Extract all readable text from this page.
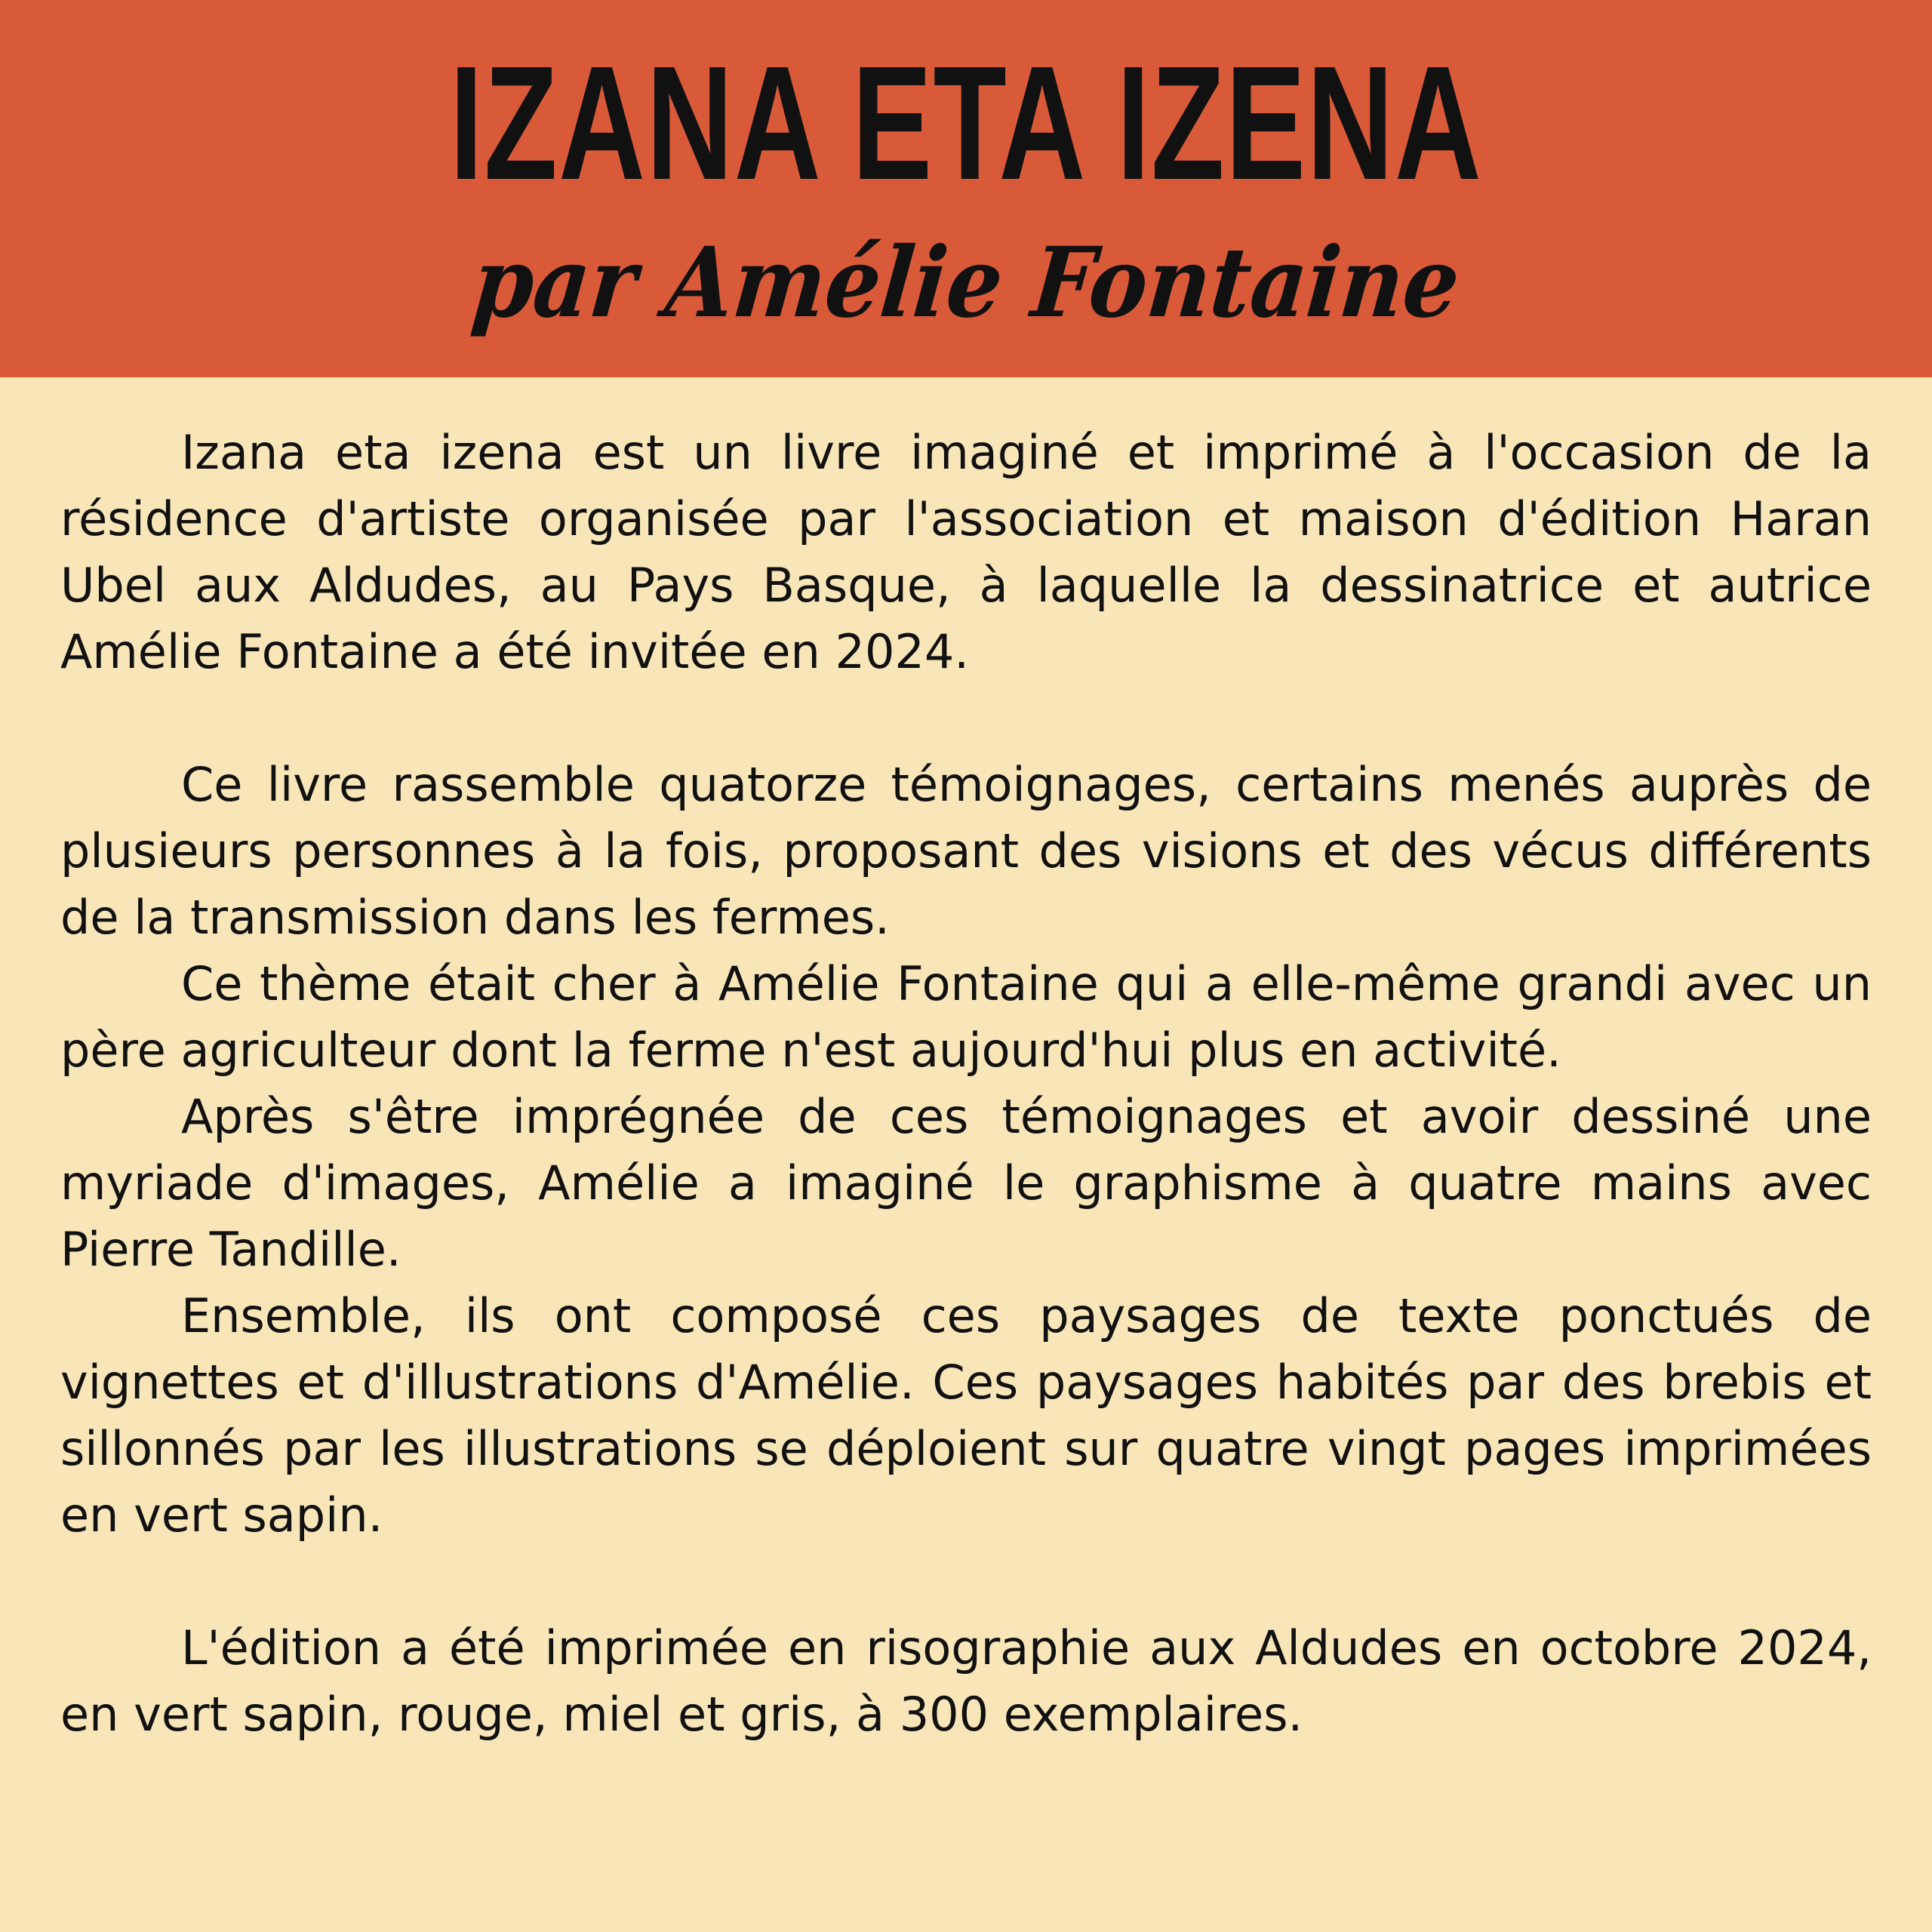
IZANA ETA IZENA
par Amélie Fontaine

Izana eta izena est un livre imaginé et imprimé à l'occasion de la résidence d'artiste organisée par l'association et maison d'édition Haran Ubel aux Aldudes, au Pays Basque, à laquelle la dessinatrice et autrice Amélie Fontaine a été invitée en 2024.

Ce livre rassemble quatorze témoignages, certains menés auprès de plusieurs personnes à la fois, proposant des visions et des vécus différents de la transmission dans les fermes.

Ce thème était cher à Amélie Fontaine qui a elle-même grandi avec un père agriculteur dont la ferme n'est aujourd'hui plus en activité.

Après s'être imprégnée de ces témoignages et avoir dessiné une myriade d'images, Amélie a imaginé le graphisme à quatre mains avec Pierre Tandille.

Ensemble, ils ont composé ces paysages de texte ponctués de vignettes et d'illustrations d'Amélie. Ces paysages habités par des brebis et sillonnés par les illustrations se déploient sur quatre vingt pages imprimées en vert sapin.

L'édition a été imprimée en risographie aux Aldudes en octobre 2024, en vert sapin, rouge, miel et gris, à 300 exemplaires.
